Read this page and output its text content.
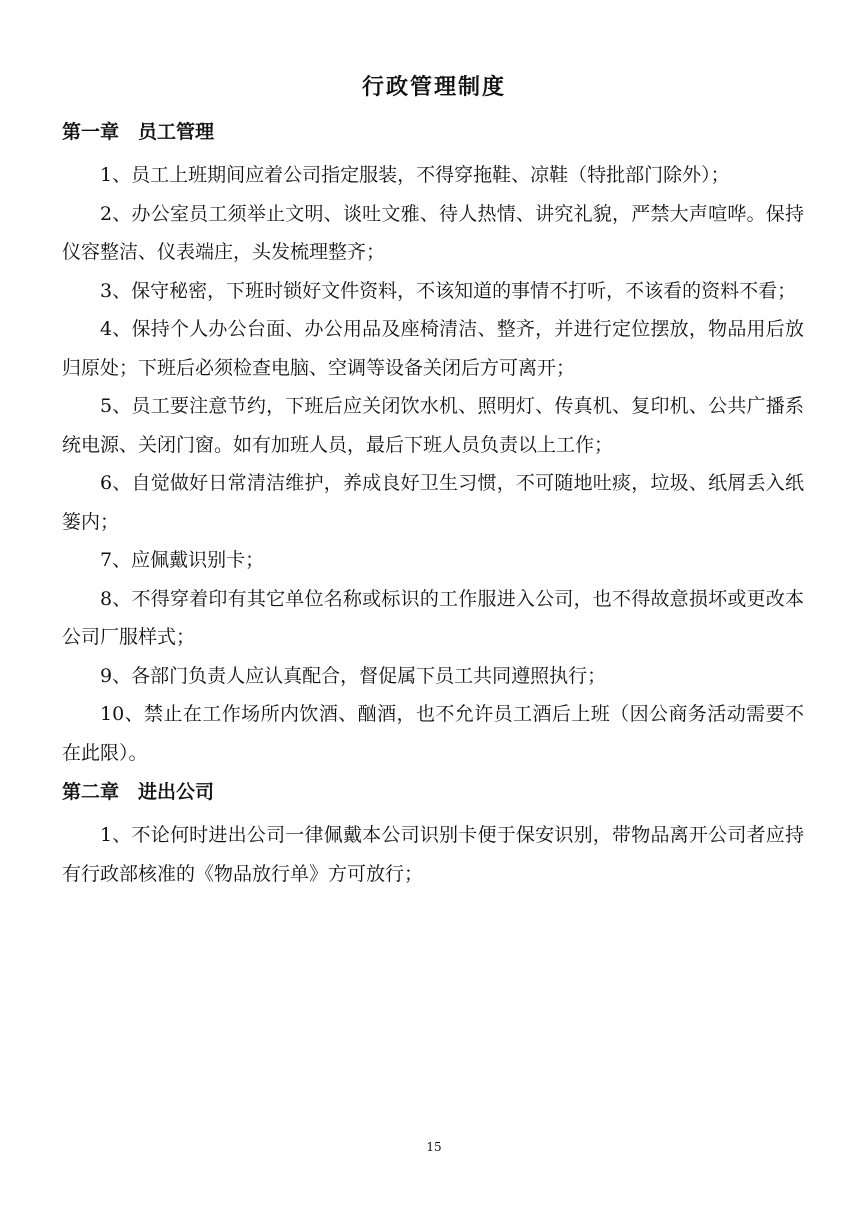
行政管理制度
第一章　员工管理

1、员工上班期间应着公司指定服装，不得穿拖鞋、凉鞋（特批部门除外）；

2、办公室员工须举止文明、谈吐文雅、待人热情、讲究礼貌，严禁大声喧哗。保持仪容整洁、仪表端庄，头发梳理整齐；

3、保守秘密，下班时锁好文件资料，不该知道的事情不打听，不该看的资料不看；

4、保持个人办公台面、办公用品及座椅清洁、整齐，并进行定位摆放，物品用后放归原处；下班后必须检查电脑、空调等设备关闭后方可离开；

5、员工要注意节约，下班后应关闭饮水机、照明灯、传真机、复印机、公共广播系统电源、关闭门窗。如有加班人员，最后下班人员负责以上工作；

6、自觉做好日常清洁维护，养成良好卫生习惯，不可随地吐痰，垃圾、纸屑丢入纸篓内；

7、应佩戴识别卡；

8、不得穿着印有其它单位名称或标识的工作服进入公司，也不得故意损坏或更改本公司厂服样式；

9、各部门负责人应认真配合，督促属下员工共同遵照执行；

10、禁止在工作场所内饮酒、酗酒，也不允许员工酒后上班（因公商务活动需要不在此限）。

第二章　进出公司

1、不论何时进出公司一律佩戴本公司识别卡便于保安识别，带物品离开公司者应持有行政部核准的《物品放行单》方可放行；

15
